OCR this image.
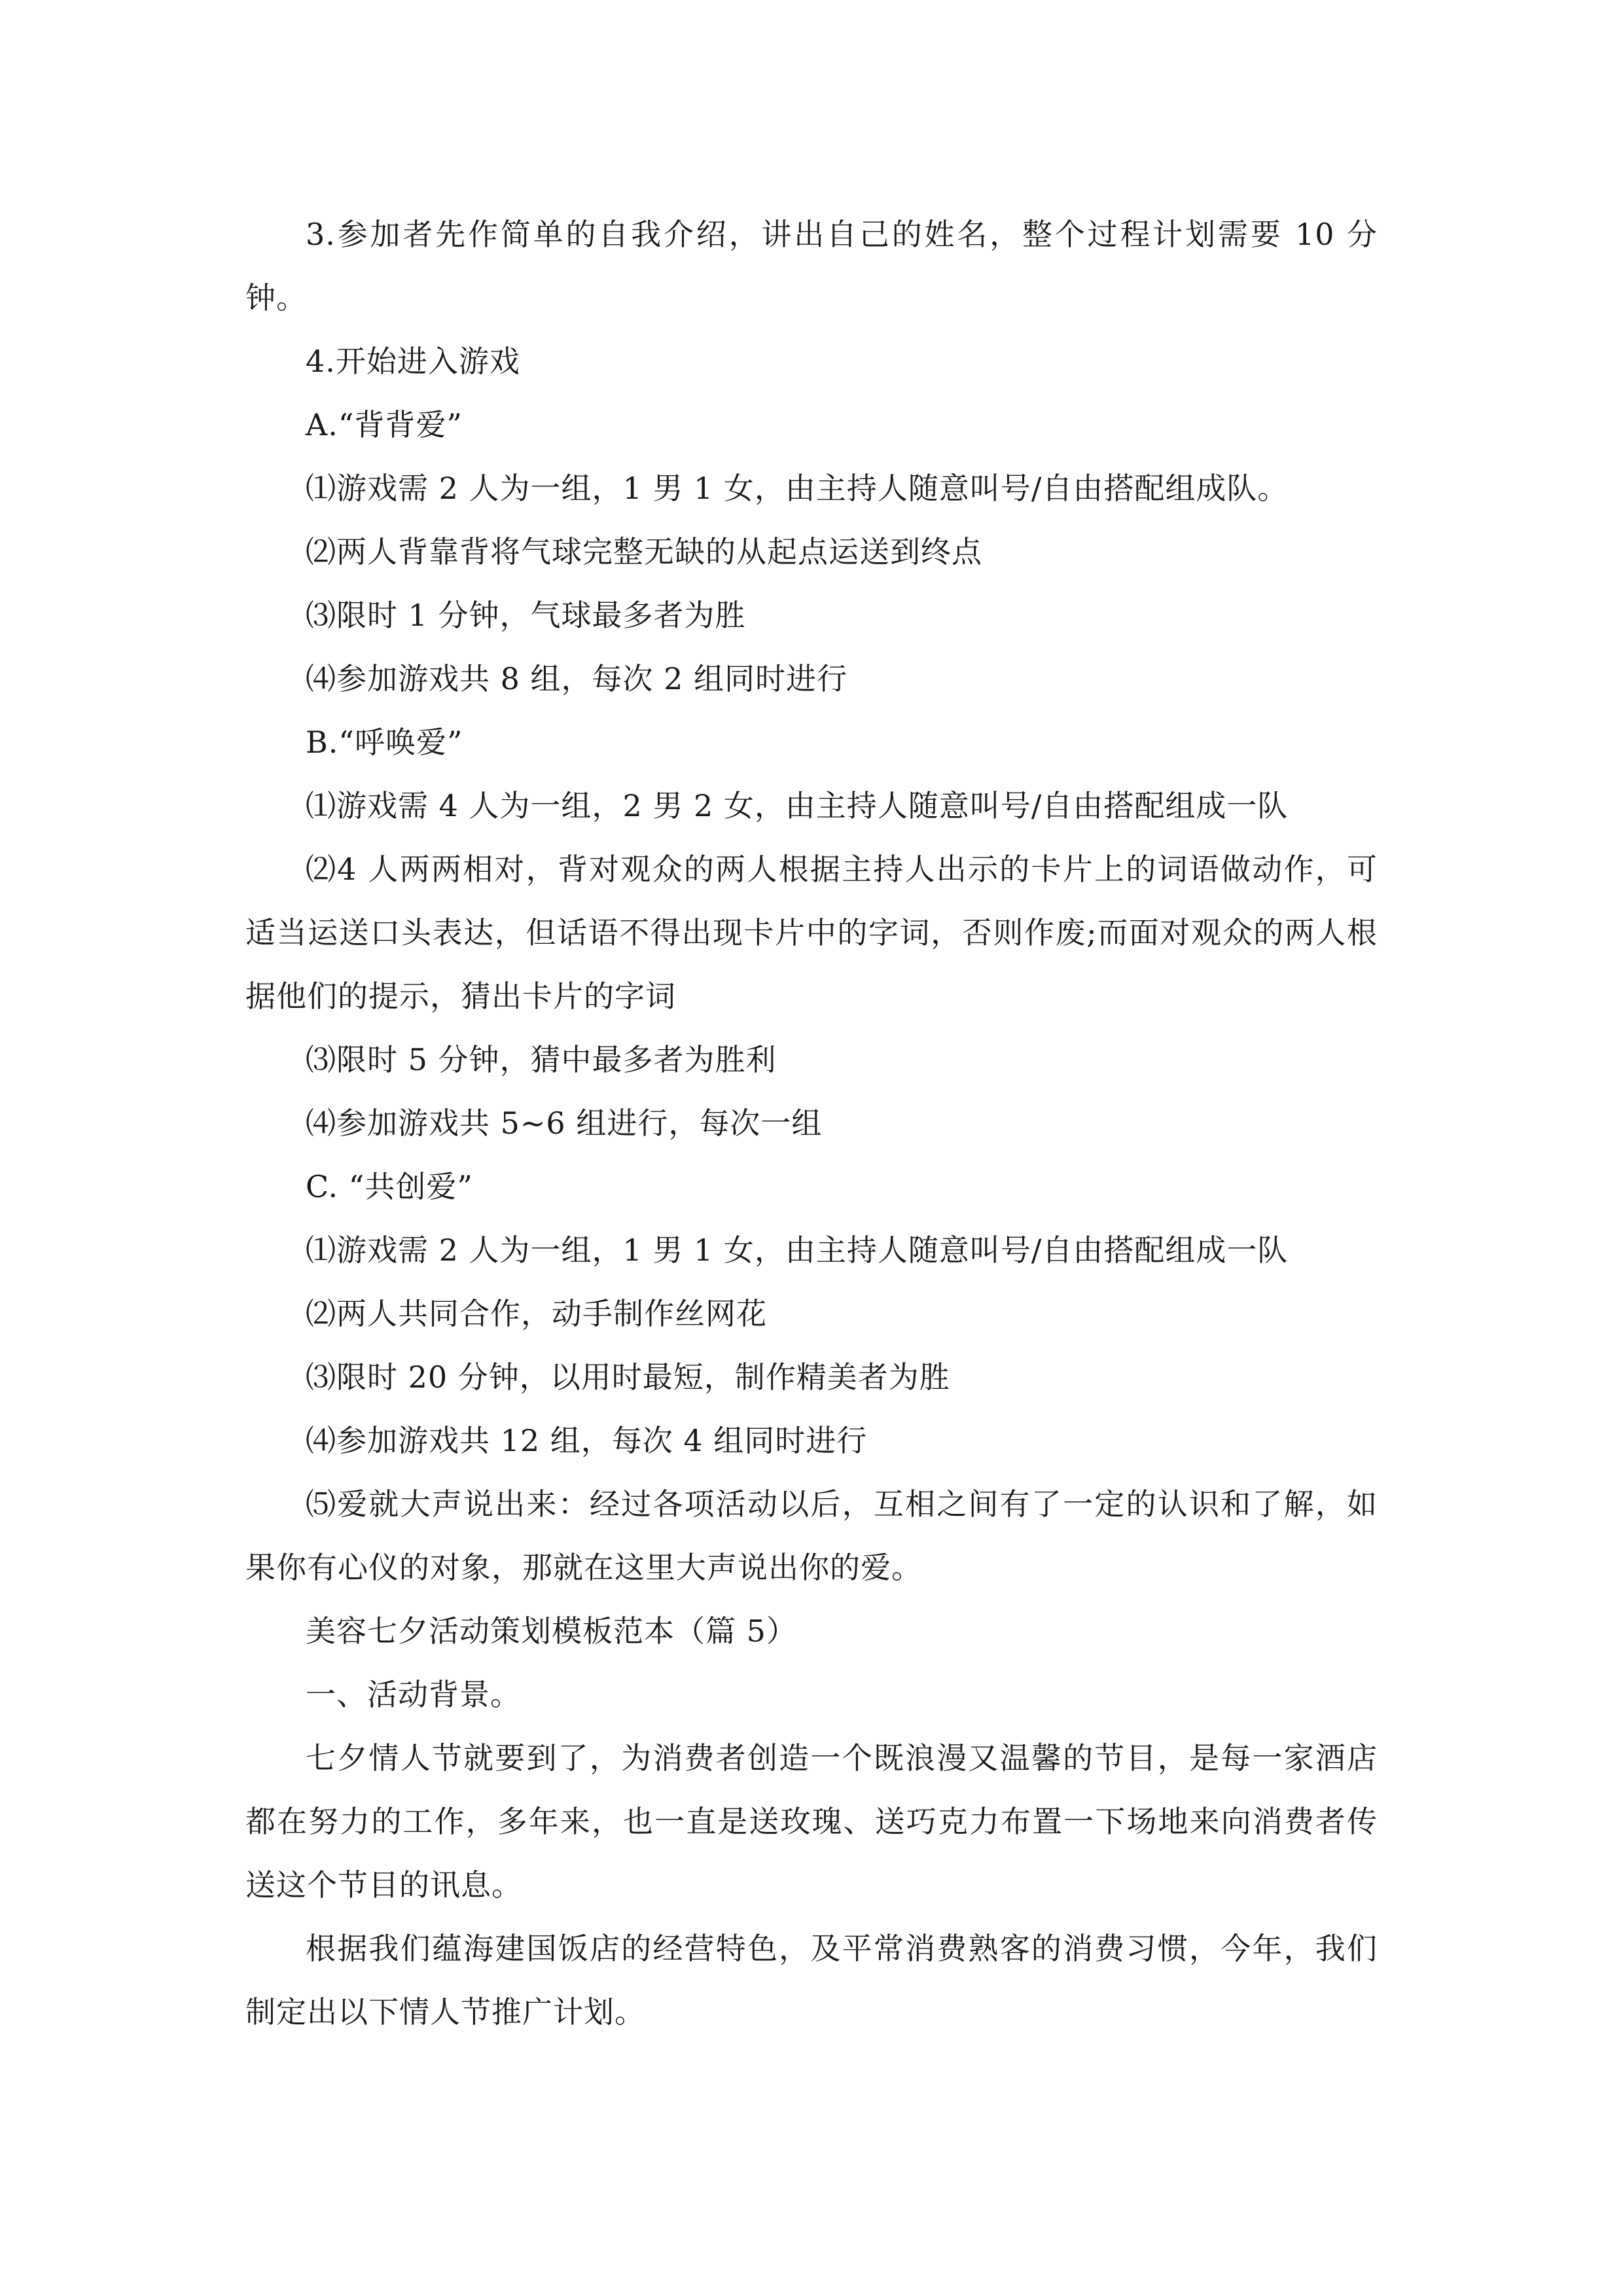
3.参加者先作简单的自我介绍，讲出自己的姓名，整个过程计划需要 10 分钟。

4.开始进入游戏

A.“背背爱”

⑴游戏需 2 人为一组，1 男 1 女，由主持人随意叫号/自由搭配组成队。

⑵两人背靠背将气球完整无缺的从起点运送到终点

⑶限时 1 分钟，气球最多者为胜

⑷参加游戏共 8 组，每次 2 组同时进行

B.“呼唤爱”

⑴游戏需 4 人为一组，2 男 2 女，由主持人随意叫号/自由搭配组成一队

⑵4 人两两相对，背对观众的两人根据主持人出示的卡片上的词语做动作，可适当运送口头表达，但话语不得出现卡片中的字词，否则作废;而面对观众的两人根据他们的提示，猜出卡片的字词

⑶限时 5 分钟，猜中最多者为胜利

⑷参加游戏共 5~6 组进行，每次一组

C. “共创爱”

⑴游戏需 2 人为一组，1 男 1 女，由主持人随意叫号/自由搭配组成一队

⑵两人共同合作，动手制作丝网花

⑶限时 20 分钟，以用时最短，制作精美者为胜

⑷参加游戏共 12 组，每次 4 组同时进行

⑸爱就大声说出来：经过各项活动以后，互相之间有了一定的认识和了解，如果你有心仪的对象，那就在这里大声说出你的爱。

美容七夕活动策划模板范本（篇 5）

一、活动背景。

七夕情人节就要到了，为消费者创造一个既浪漫又温馨的节目，是每一家酒店都在努力的工作，多年来，也一直是送玫瑰、送巧克力布置一下场地来向消费者传送这个节目的讯息。

根据我们蕴海建国饭店的经营特色，及平常消费熟客的消费习惯，今年，我们制定出以下情人节推广计划。
